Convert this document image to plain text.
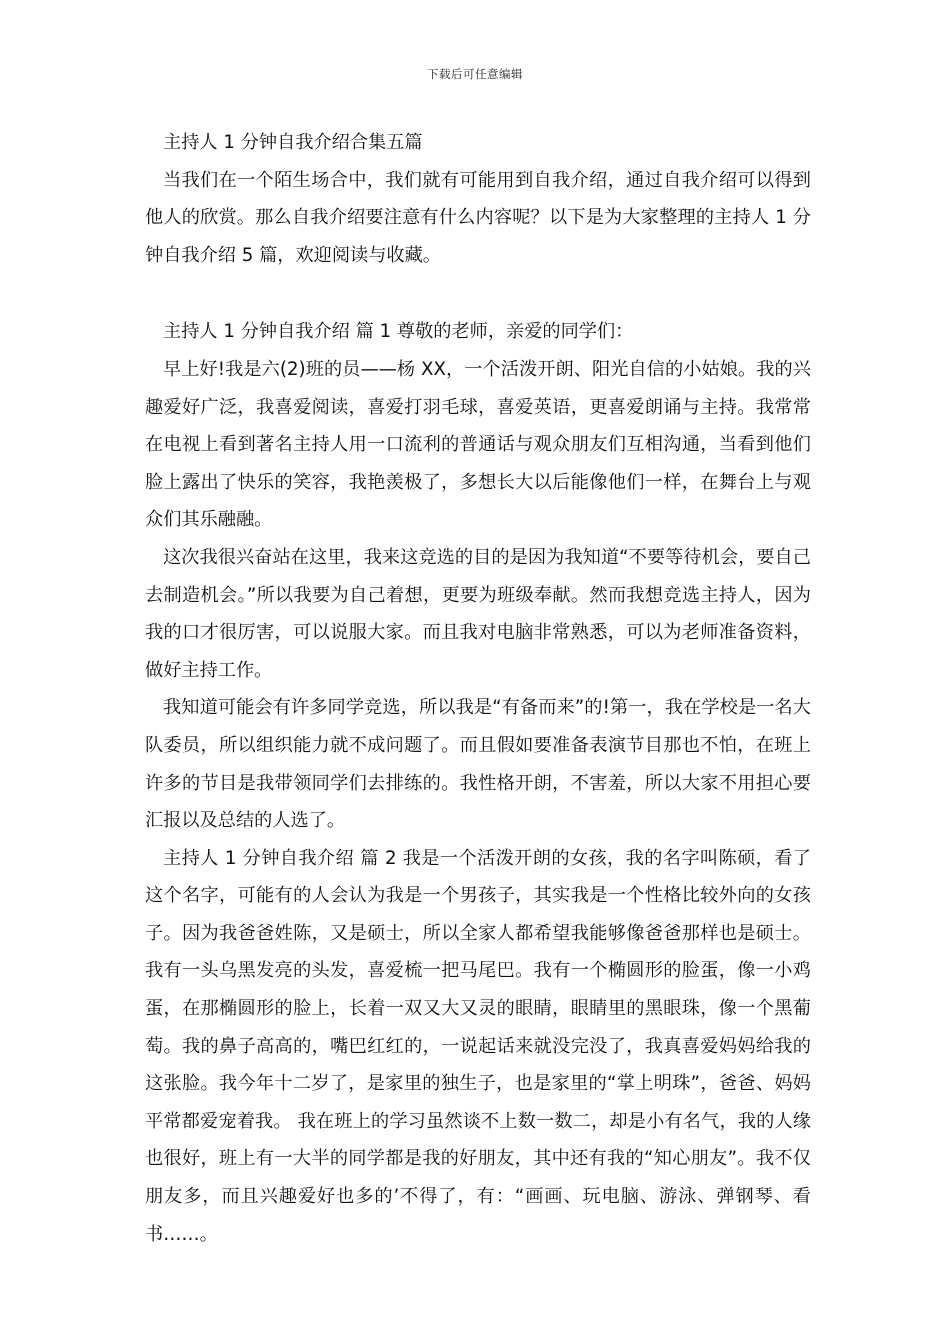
下载后可任意编辑

主持人 1 分钟自我介绍合集五篇

当我们在一个陌生场合中，我们就有可能用到自我介绍，通过自我介绍可以得到他人的欣赏。那么自我介绍要注意有什么内容呢？以下是为大家整理的主持人 1 分钟自我介绍 5 篇，欢迎阅读与收藏。

主持人 1 分钟自我介绍 篇 1 尊敬的老师，亲爱的同学们：

早上好!我是六(2)班的员——杨 XX，一个活泼开朗、阳光自信的小姑娘。我的兴趣爱好广泛，我喜爱阅读，喜爱打羽毛球，喜爱英语，更喜爱朗诵与主持。我常常在电视上看到著名主持人用一口流利的普通话与观众朋友们互相沟通，当看到他们脸上露出了快乐的笑容，我艳羡极了，多想长大以后能像他们一样，在舞台上与观众们其乐融融。

这次我很兴奋站在这里，我来这竞选的目的是因为我知道“不要等待机会，要自己去制造机会。”所以我要为自己着想，更要为班级奉献。然而我想竞选主持人，因为我的口才很厉害，可以说服大家。而且我对电脑非常熟悉，可以为老师准备资料，做好主持工作。

我知道可能会有许多同学竞选，所以我是“有备而来”的!第一，我在学校是一名大队委员，所以组织能力就不成问题了。而且假如要准备表演节目那也不怕，在班上许多的节目是我带领同学们去排练的。我性格开朗，不害羞，所以大家不用担心要汇报以及总结的人选了。

主持人 1 分钟自我介绍 篇 2 我是一个活泼开朗的女孩，我的名字叫陈硕，看了这个名字，可能有的人会认为我是一个男孩子，其实我是一个性格比较外向的女孩子。因为我爸爸姓陈，又是硕士，所以全家人都希望我能够像爸爸那样也是硕士。 我有一头乌黑发亮的头发，喜爱梳一把马尾巴。我有一个椭圆形的脸蛋，像一小鸡蛋，在那椭圆形的脸上，长着一双又大又灵的眼睛，眼睛里的黑眼珠，像一个黑葡萄。我的鼻子高高的，嘴巴红红的，一说起话来就没完没了，我真喜爱妈妈给我的这张脸。我今年十二岁了，是家里的独生子，也是家里的“掌上明珠”，爸爸、妈妈平常都爱宠着我。 我在班上的学习虽然谈不上数一数二，却是小有名气，我的人缘也很好，班上有一大半的同学都是我的好朋友，其中还有我的“知心朋友”。我不仅朋友多，而且兴趣爱好也多的’不得了，有：“画画、玩电脑、游泳、弹钢琴、看书……。
